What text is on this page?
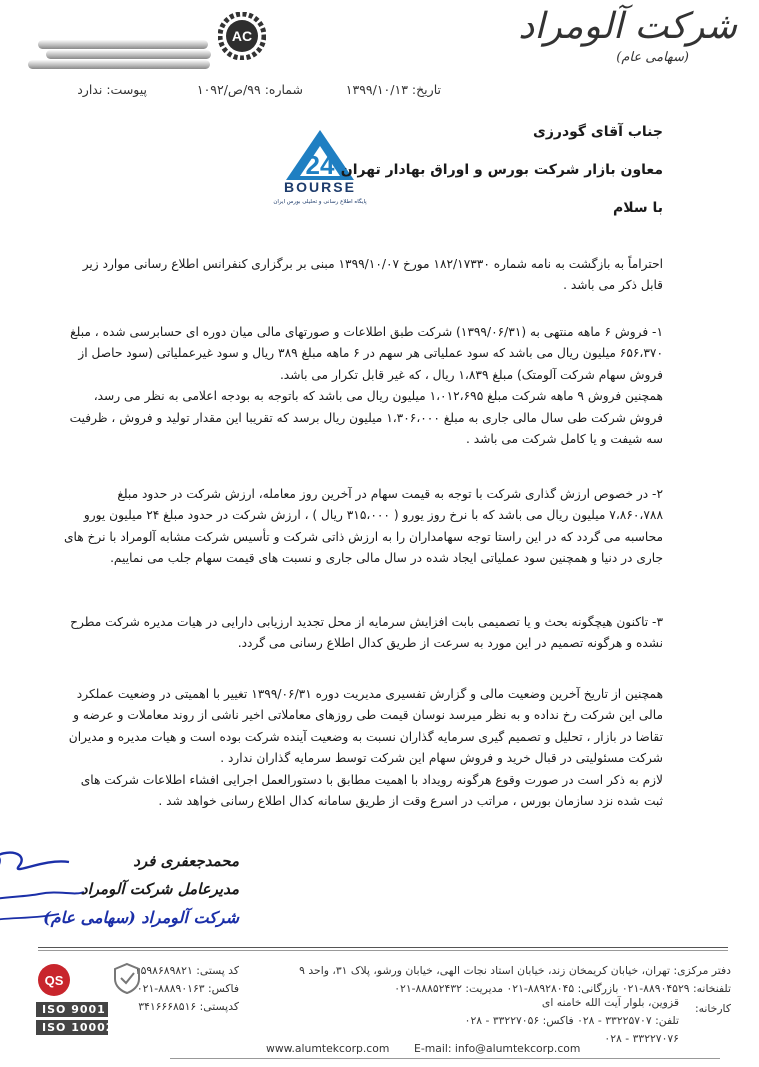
AC	شرکت آلومراد
(سهامی عام)
تاریخ: ۱۳۹۹/۱۰/۱۳
شماره: ۹۹/ص/۱۰۹۲
پیوست: ندارد
24
BOURSE
پایگاه اطلاع رسانی و تحلیلی بورس ایران
جناب آقای گودرزی
معاون بازار شرکت بورس و اوراق بهادار تهران
با سلام

احتراماً به بازگشت به نامه شماره ۱۸۲/۱۷۳۳۰ مورخ ۱۳۹۹/۱۰/۰۷ مبنی بر برگزاری کنفرانس اطلاع رسانی موارد زیر قابل ذکر می باشد .

۱- فروش ۶ ماهه منتهی به (۱۳۹۹/۰۶/۳۱) شرکت طبق اطلاعات و صورتهای مالی میان دوره ای حسابرسی شده ، مبلغ ۶۵۶،۳۷۰ میلیون ریال می باشد که سود عملیاتی هر سهم در ۶ ماهه مبلغ ۳۸۹ ریال و سود غیرعملیاتی (سود حاصل از فروش سهام شرکت آلومتک) مبلغ ۱،۸۳۹ ریال ، که غیر قابل تکرار می باشد.

همچنین فروش ۹ ماهه شرکت مبلغ ۱،۰۱۲،۶۹۵ میلیون ریال می باشد که باتوجه به بودجه اعلامی به نظر می رسد، فروش شرکت طی سال مالی جاری به مبلغ ۱،۳۰۶،۰۰۰ میلیون ریال برسد که تقریبا این مقدار تولید و فروش ، ظرفیت سه شیفت و یا کامل شرکت می باشد .

۲- در خصوص ارزش گذاری شرکت با توجه به قیمت سهام در آخرین روز معامله، ارزش شرکت در حدود مبلغ ۷،۸۶۰،۷۸۸ میلیون ریال می باشد که با نرخ روز یورو ( ۳۱۵،۰۰۰ ریال ) ، ارزش شرکت در حدود مبلغ ۲۴ میلیون یورو محاسبه می گردد که در این راستا توجه سهامداران را به ارزش ذاتی شرکت و تأسیس شرکت مشابه آلومراد با نرخ های جاری در دنیا و همچنین سود عملیاتی ایجاد شده در سال مالی جاری و نسبت های قیمت سهام جلب می نماییم.

۳- تاکنون هیچگونه بحث و یا تصمیمی بابت افزایش سرمایه از محل تجدید ارزیابی دارایی در هیات مدیره شرکت مطرح نشده و هرگونه تصمیم در این مورد به سرعت از طریق کدال اطلاع رسانی می گردد.

همچنین از تاریخ آخرین وضعیت مالی و گزارش تفسیری مدیریت دوره ۱۳۹۹/۰۶/۳۱ تغییر با اهمیتی در وضعیت عملکرد مالی این شرکت رخ نداده و به نظر میرسد نوسان قیمت طی روزهای معاملاتی اخیر ناشی از روند معاملات و عرضه و تقاضا در بازار ، تحلیل و تصمیم گیری سرمایه گذاران نسبت به وضعیت آینده شرکت بوده است و هیات مدیره و مدیران شرکت مسئولیتی در قبال خرید و فروش سهام این شرکت توسط سرمایه گذاران ندارد .

لازم به ذکر است در صورت وقوع هرگونه رویداد با اهمیت مطابق با دستورالعمل اجرایی افشاء اطلاعات شرکت های ثبت شده نزد سازمان بورس ، مراتب در اسرع وقت از طریق سامانه کدال اطلاع رسانی خواهد شد .

محمدجعفری فرد
مدیرعامل شرکت آلومراد
شرکت آلومراد (سهامی عام)
دفتر مرکزی: تهران، خیابان کریمخان زند، خیابان استاد نجات الهی، خیابان ورشو، پلاک ۳۱، واحد ۹
تلفنخانه: ۸۸۹۰۴۵۲۹-۰۲۱ بازرگانی: ۸۸۹۲۸۰۴۵-۰۲۱ مدیریت: ۸۸۸۵۲۴۳۲-۰۲۱
کد پستی: ۱۵۹۸۶۸۹۸۲۱
فاکس: ۸۸۸۹۰۱۶۳-۰۲۱
کارخانه:
قزوین، بلوار آیت الله خامنه ای
تلفن: ۳۳۲۲۵۷۰۷ - ۰۲۸ فاکس: ۳۳۲۲۷۰۵۶ - ۰۲۸
۳۳۲۲۷۰۷۶ - ۰۲۸
کدپستی: ۳۴۱۶۶۶۸۵۱۶
E-mail: info@alumtekcorp.com
www.alumtekcorp.com
QS
ISO 9001
ISO 10002
